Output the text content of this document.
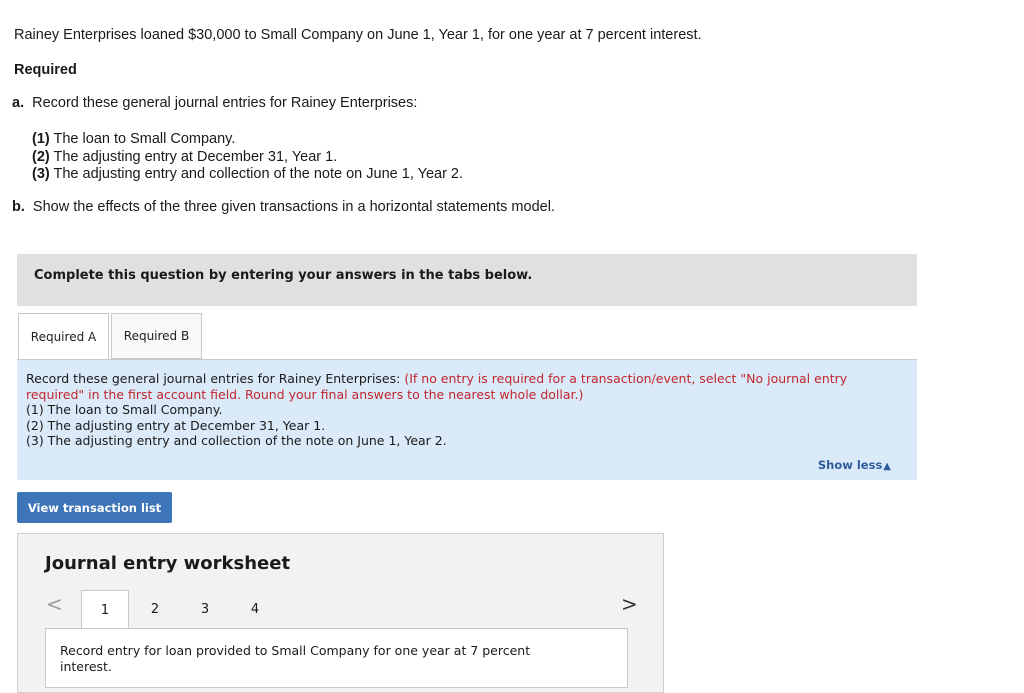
Rainey Enterprises loaned $30,000 to Small Company on June 1, Year 1, for one year at 7 percent interest.
Required
a. Record these general journal entries for Rainey Enterprises:
(1) The loan to Small Company.
(2) The adjusting entry at December 31, Year 1.
(3) The adjusting entry and collection of the note on June 1, Year 2.
b. Show the effects of the three given transactions in a horizontal statements model.
Complete this question by entering your answers in the tabs below.
Required A	Required B
Record these general journal entries for Rainey Enterprises: (If no entry is required for a transaction/event, select "No journal entry required" in the first account field. Round your final answers to the nearest whole dollar.)
(1) The loan to Small Company.
(2) The adjusting entry at December 31, Year 1.
(3) The adjusting entry and collection of the note on June 1, Year 2.
Show less▲
View transaction list
Journal entry worksheet
<	1	2	3	4	>
Record entry for loan provided to Small Company for one year at 7 percent interest.
